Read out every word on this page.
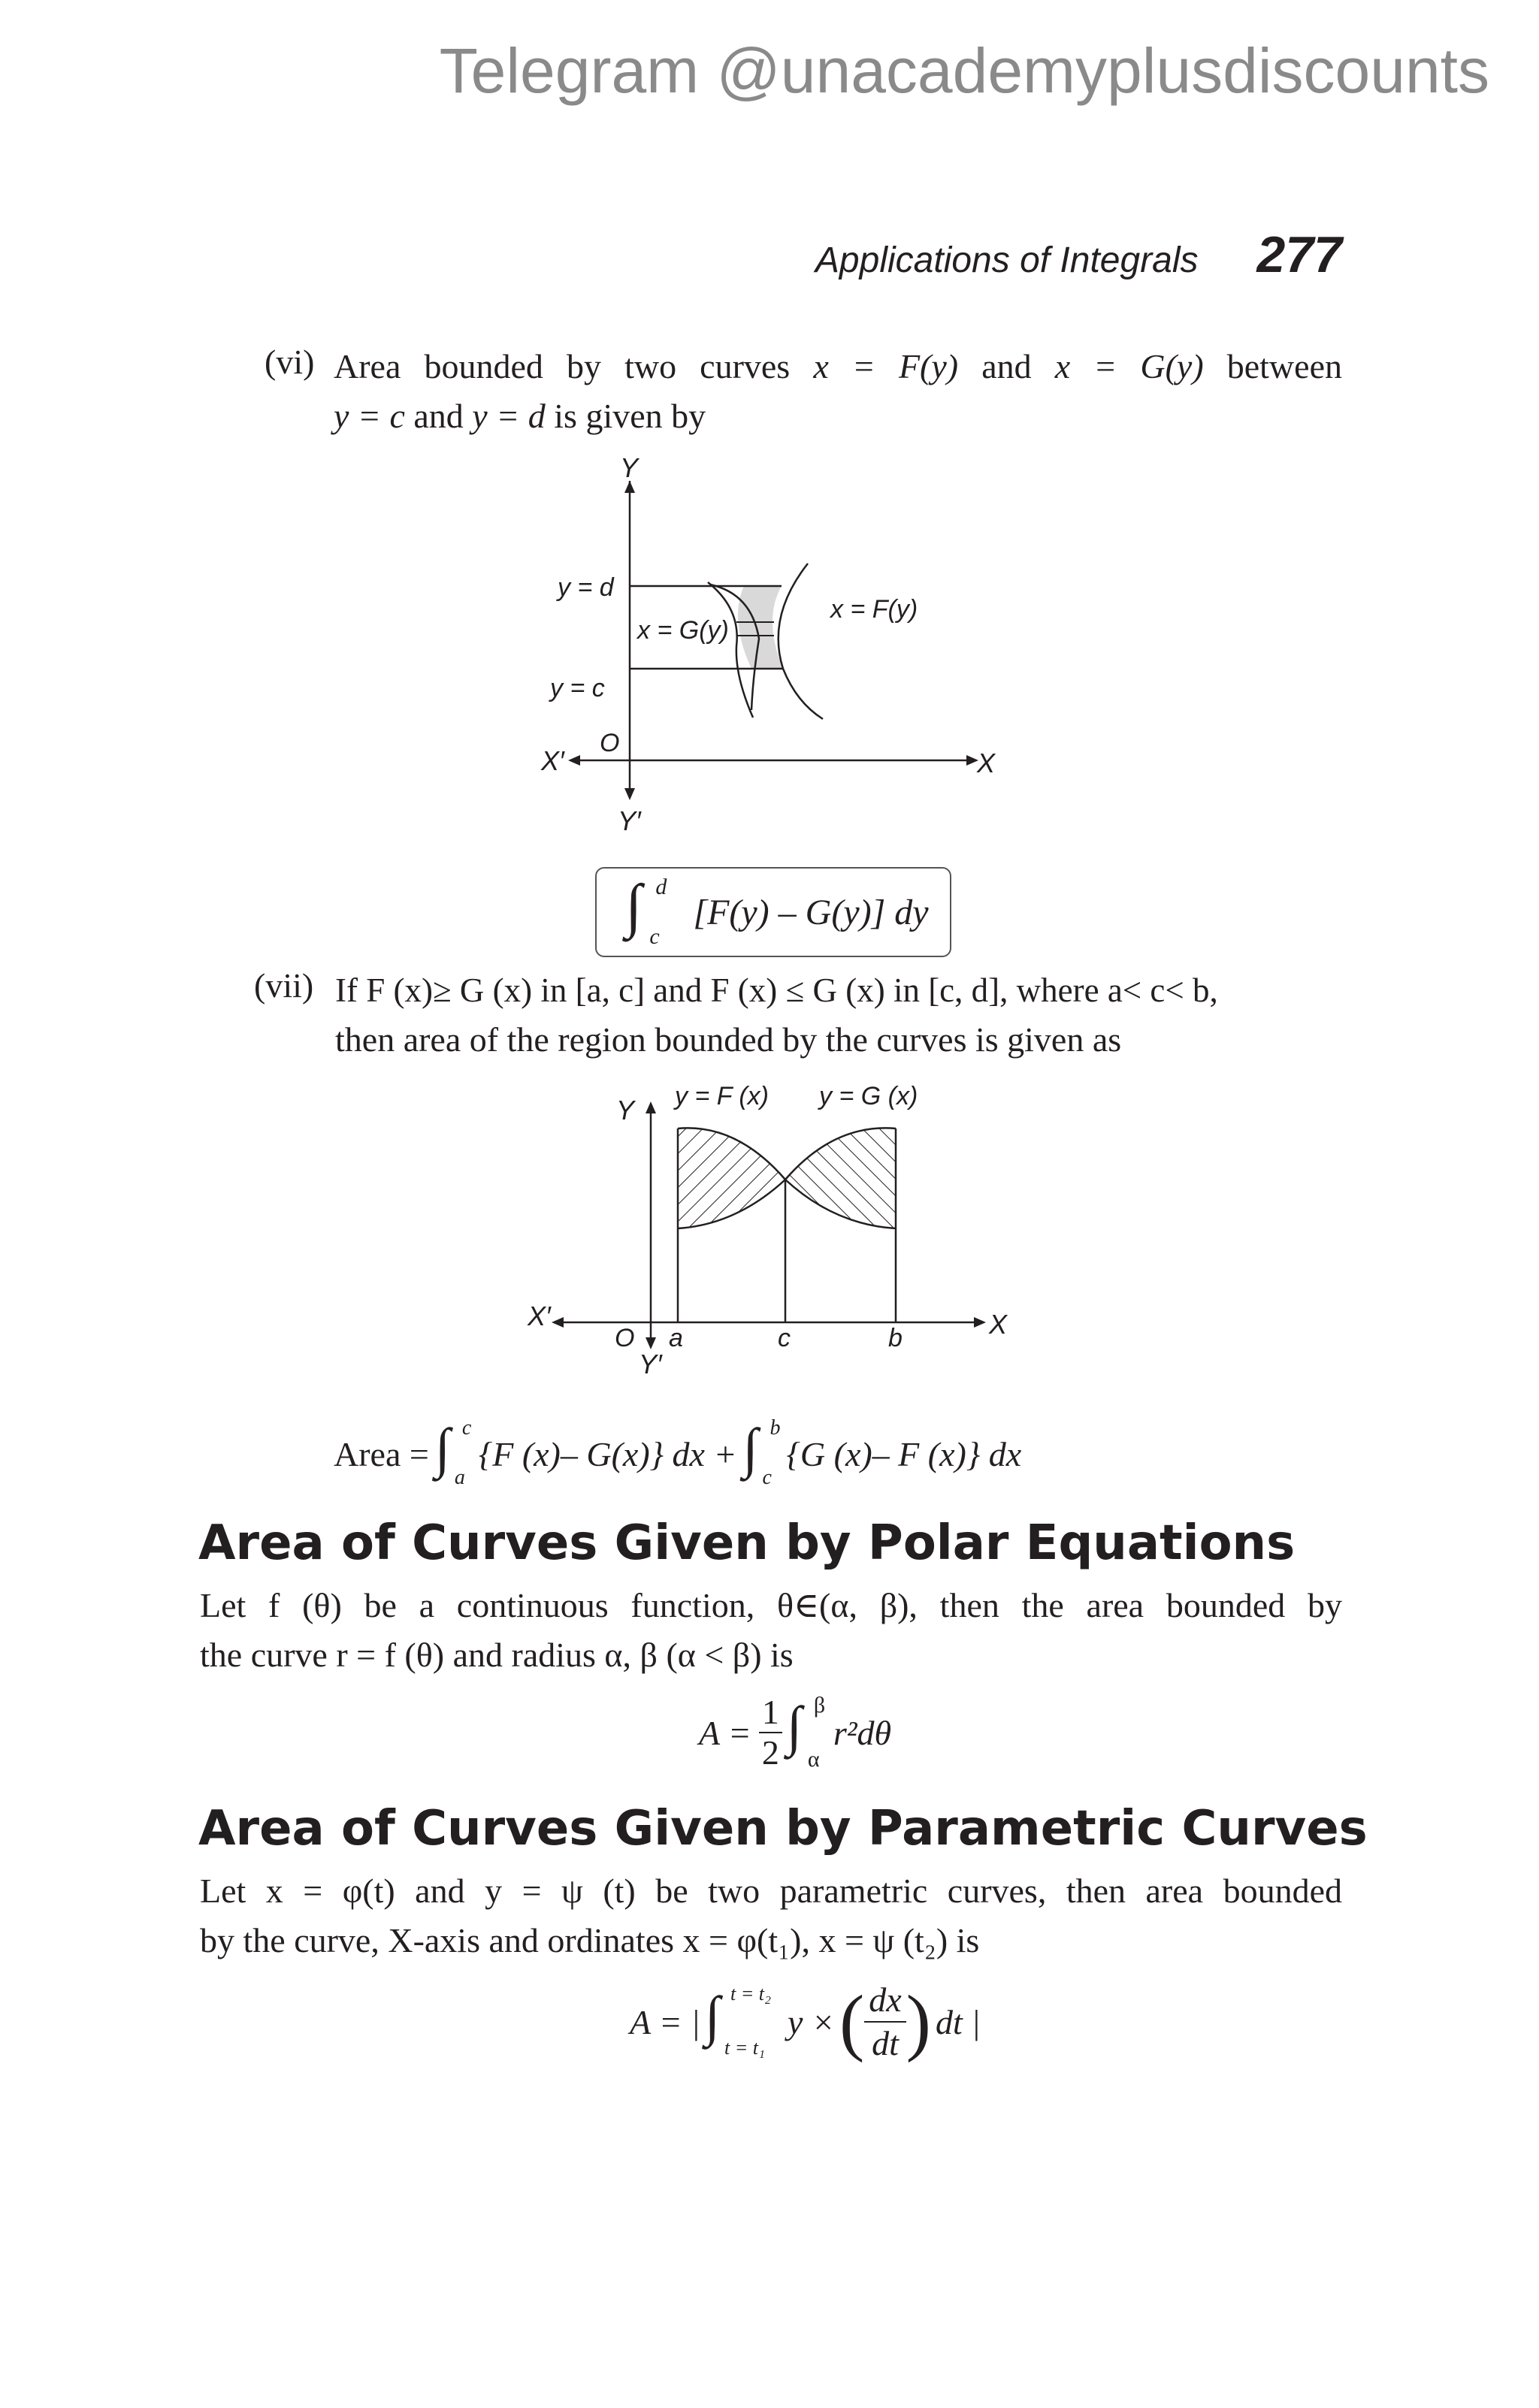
Telegram @unacademyplusdiscounts
Applications of Integrals 277
(vi) Area bounded by two curves x = F(y) and x = G(y) between
y = c and y = d is given by
Y
y = d
y = c
x = G(y)
x = F(y)
O
X′	X
Y′
∫ d
c
[F(y) – G(y)] dy
(vii) If F (x)≥ G (x) in [a, c] and F (x) ≤ G (x) in [c, d], where a< c< b,
then area of the region bounded by the curves is given as
Y y = F (x) y = G (x)
X′	X
O a	c	b
Y′
Area = ∫ c
a
{F (x)– G(x)} dx + ∫ b
c
{G (x)– F (x)} dx
Area of Curves Given by Polar Equations
Let f (θ) be a continuous function, θ∈(α, β), then the area bounded by
the curve r = f (θ) and radius α, β (α < β) is
$A = \frac{1}{2}$ ∫ β
α
r²dθ
Area of Curves Given by Parametric Curves
Let x = φ(t) and y = ψ (t) be two parametric curves, then area bounded
by the curve, X-axis and ordinates x = φ(t₁), x = ψ (t₂) is
A = | ∫ t = t₂
t = t₁
y × ( $\frac{dx}{dt}$ ) dt |
